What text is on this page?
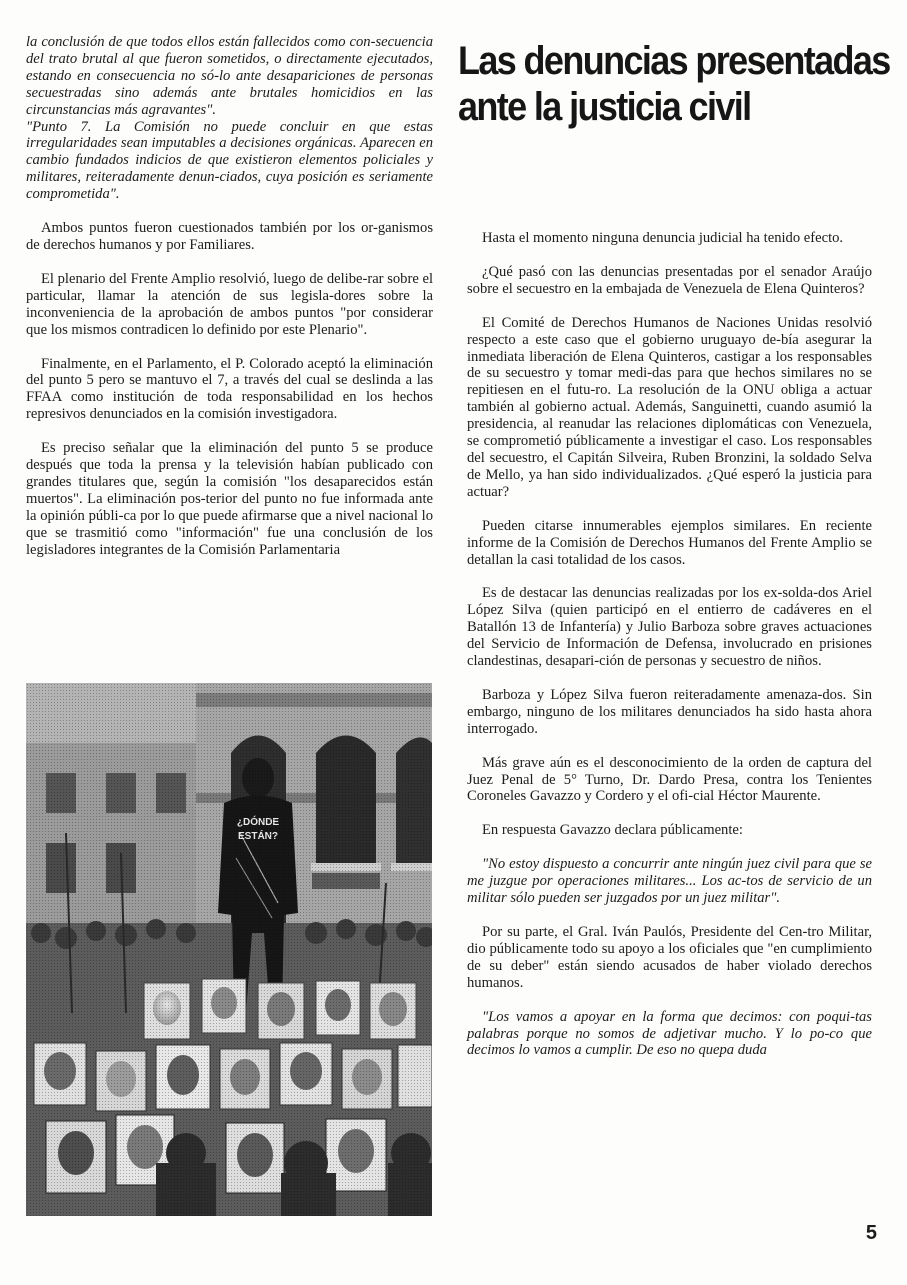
Las denuncias presentadas
ante la justicia civil

la conclusión de que todos ellos están fallecidos como con-secuencia del trato brutal al que fueron sometidos, o directamente ejecutados, estando en consecuencia no só-lo ante desapariciones de personas secuestradas sino además ante brutales homicidios en las circunstancias más agravantes".

"Punto 7. La Comisión no puede concluir en que estas irregularidades sean imputables a decisiones orgánicas. Aparecen en cambio fundados indicios de que existieron elementos policiales y militares, reiteradamente denun-ciados, cuya posición es seriamente comprometida".

Ambos puntos fueron cuestionados también por los or-ganismos de derechos humanos y por Familiares.

El plenario del Frente Amplio resolvió, luego de delibe-rar sobre el particular, llamar la atención de sus legisla-dores sobre la inconveniencia de la aprobación de ambos puntos "por considerar que los mismos contradicen lo definido por este Plenario".

Finalmente, en el Parlamento, el P. Colorado aceptó la eliminación del punto 5 pero se mantuvo el 7, a través del cual se deslinda a las FFAA como institución de toda responsabilidad en los hechos represivos denunciados en la comisión investigadora.

Es preciso señalar que la eliminación del punto 5 se produce después que toda la prensa y la televisión habían publicado con grandes titulares que, según la comisión "los desaparecidos están muertos". La eliminación pos-terior del punto no fue informada ante la opinión públi-ca por lo que puede afirmarse que a nivel nacional lo que se trasmitió como "información" fue una conclusión de los legisladores integrantes de la Comisión Parlamentaria

Hasta el momento ninguna denuncia judicial ha tenido efecto.

¿Qué pasó con las denuncias presentadas por el senador Araújo sobre el secuestro en la embajada de Venezuela de Elena Quinteros?

El Comité de Derechos Humanos de Naciones Unidas resolvió respecto a este caso que el gobierno uruguayo de-bía asegurar la inmediata liberación de Elena Quinteros, castigar a los responsables de su secuestro y tomar medi-das para que hechos similares no se repitiesen en el futu-ro. La resolución de la ONU obliga a actuar también al gobierno actual. Además, Sanguinetti, cuando asumió la presidencia, al reanudar las relaciones diplomáticas con Venezuela, se comprometió públicamente a investigar el caso. Los responsables del secuestro, el Capitán Silveira, Ruben Bronzini, la soldado Selva de Mello, ya han sido individualizados. ¿Qué esperó la justicia para actuar?

Pueden citarse innumerables ejemplos similares. En reciente informe de la Comisión de Derechos Humanos del Frente Amplio se detallan la casi totalidad de los casos.

Es de destacar las denuncias realizadas por los ex-solda-dos Ariel López Silva (quien participó en el entierro de cadáveres en el Batallón 13 de Infantería) y Julio Barboza sobre graves actuaciones del Servicio de Información de Defensa, involucrado en prisiones clandestinas, desapari-ción de personas y secuestro de niños.

Barboza y López Silva fueron reiteradamente amenaza-dos. Sin embargo, ninguno de los militares denunciados ha sido hasta ahora interrogado.

Más grave aún es el desconocimiento de la orden de captura del Juez Penal de 5° Turno, Dr. Dardo Presa, contra los Tenientes Coroneles Gavazzo y Cordero y el ofi-cial Héctor Maurente.

En respuesta Gavazzo declara públicamente:

"No estoy dispuesto a concurrir ante ningún juez civil para que se me juzgue por operaciones militares... Los ac-tos de servicio de un militar sólo pueden ser juzgados por un juez militar".

Por su parte, el Gral. Iván Paulós, Presidente del Cen-tro Militar, dio públicamente todo su apoyo a los oficiales que "en cumplimiento de su deber" están siendo acusados de haber violado derechos humanos.

"Los vamos a apoyar en la forma que decimos: con poqui-tas palabras porque no somos de adjetivar mucho. Y lo po-co que decimos lo vamos a cumplir. De eso no quepa duda

5
